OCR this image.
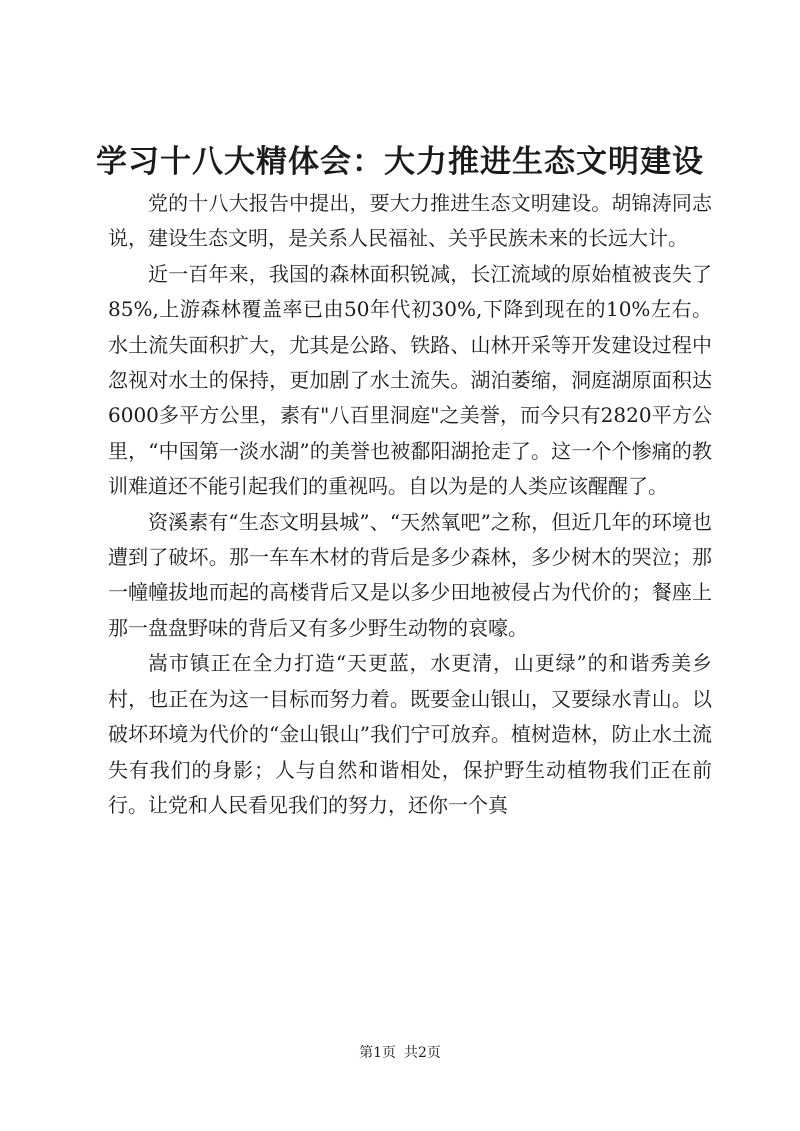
学习十八大精体会：大力推进生态文明建设

党的十八大报告中提出，要大力推进生态文明建设。胡锦涛同志说，建设生态文明，是关系人民福祉、关乎民族未来的长远大计。

近一百年来，我国的森林面积锐减，长江流域的原始植被丧失了85%,上游森林覆盖率已由50年代初30%,下降到现在的10%左右。水土流失面积扩大，尤其是公路、铁路、山林开采等开发建设过程中忽视对水土的保持，更加剧了水土流失。湖泊萎缩，洞庭湖原面积达6000多平方公里，素有"八百里洞庭"之美誉，而今只有2820平方公里，“中国第一淡水湖”的美誉也被鄱阳湖抢走了。这一个个惨痛的教训难道还不能引起我们的重视吗。自以为是的人类应该醒醒了。

资溪素有“生态文明县城”、“天然氧吧”之称，但近几年的环境也遭到了破坏。那一车车木材的背后是多少森林，多少树木的哭泣；那一幢幢拔地而起的高楼背后又是以多少田地被侵占为代价的；餐座上那一盘盘野味的背后又有多少野生动物的哀嚎。

嵩市镇正在全力打造“天更蓝，水更清，山更绿”的和谐秀美乡村，也正在为这一目标而努力着。既要金山银山，又要绿水青山。以破坏环境为代价的“金山银山”我们宁可放弃。植树造林，防止水土流失有我们的身影；人与自然和谐相处，保护野生动植物我们正在前行。让党和人民看见我们的努力，还你一个真

第1页 共2页
